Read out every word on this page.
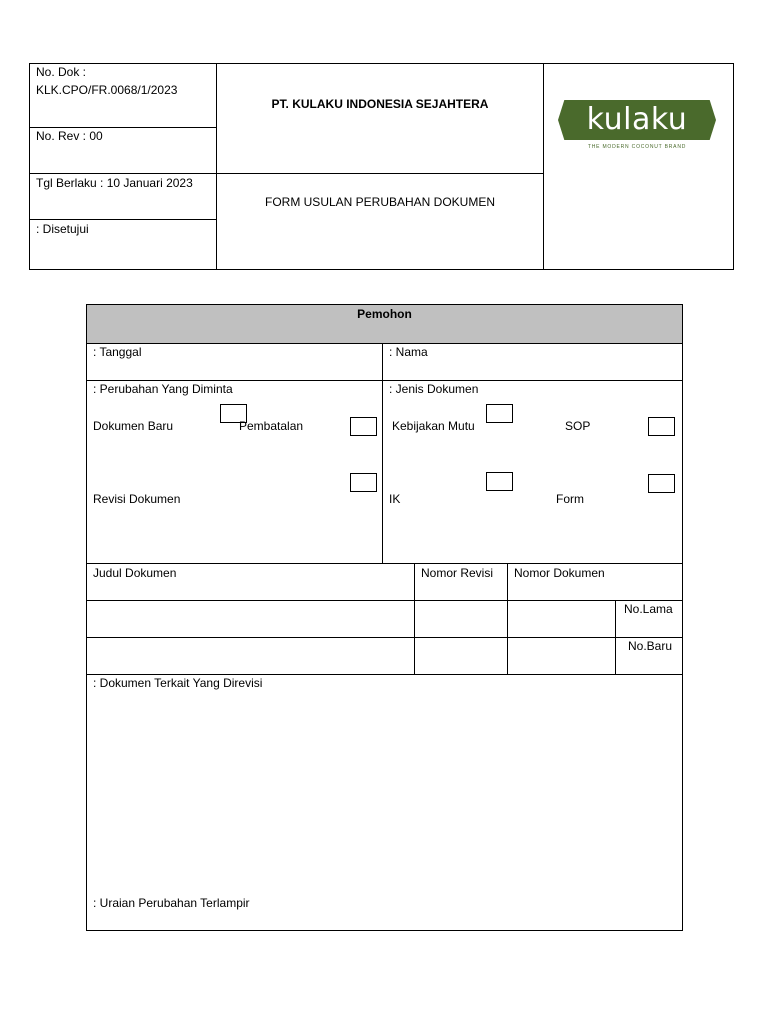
No. Dok :
KLK.CPO/FR.0068/1/2023
No. Rev : 00
Tgl Berlaku : 10 Januari 2023
: Disetujui
PT. KULAKU INDONESIA SEJAHTERA
FORM USULAN PERUBAHAN DOKUMEN
kulaku
THE MODERN COCONUT BRAND
Pemohon
: Tanggal	: Nama
: Perubahan Yang Diminta	: Jenis Dokumen
Dokumen Baru	Pembatalan
Revisi Dokumen
Kebijakan Mutu	SOP
IK	Form
Judul Dokumen	Nomor Revisi Nomor Dokumen
No.Lama
No.Baru
: Dokumen Terkait Yang Direvisi
: Uraian Perubahan Terlampir
